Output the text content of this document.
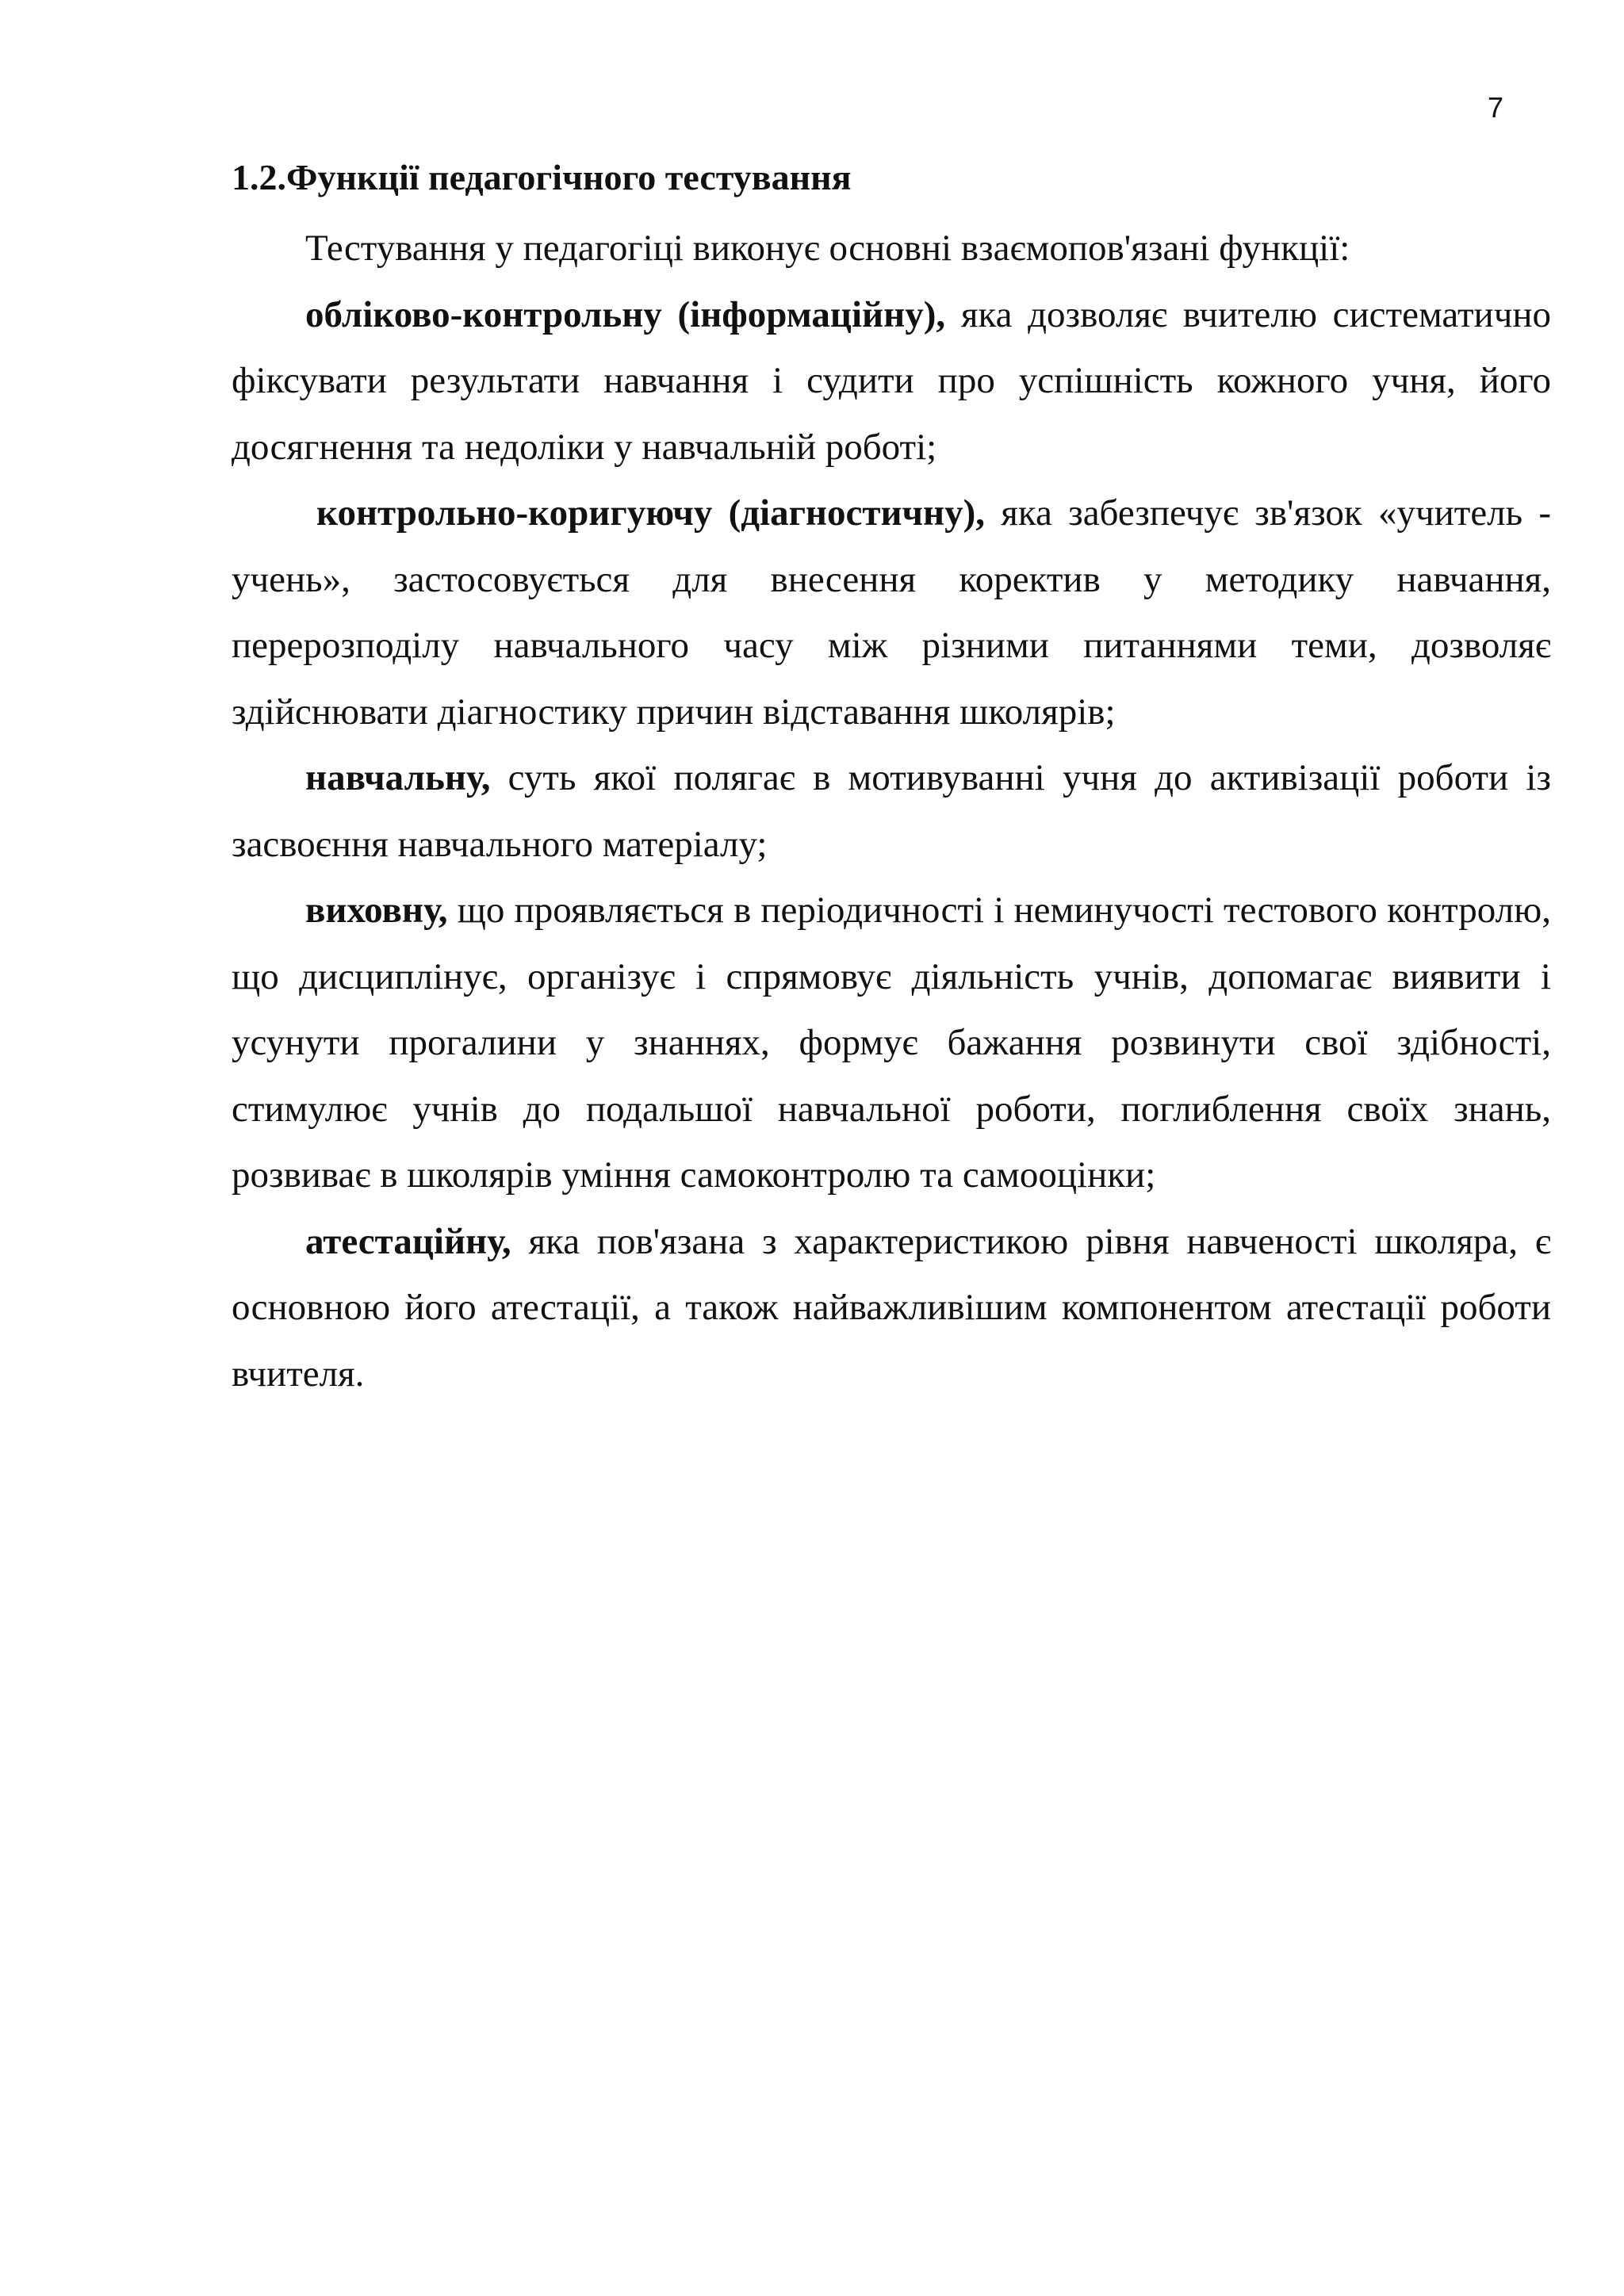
7
1.2.Функції педагогічного тестування

Тестування у педагогіці виконує основні взаємопов'язані функції:

обліково-контрольну (інформаційну), яка дозволяє вчителю систематично фіксувати результати навчання і судити про успішність кожного учня, його досягнення та недоліки у навчальній роботі;

контрольно-коригуючу (діагностичну), яка забезпечує зв'язок «учитель - учень», застосовується для внесення коректив у методику навчання, перерозподілу навчального часу між різними питаннями теми, дозволяє здійснювати діагностику причин відставання школярів;

навчальну, суть якої полягає в мотивуванні учня до активізації роботи із засвоєння навчального матеріалу;

виховну, що проявляється в періодичності і неминучості тестового контролю, що дисциплінує, організує і спрямовує діяльність учнів, допомагає виявити і усунути прогалини у знаннях, формує бажання розвинути свої здібності, стимулює учнів до подальшої навчальної роботи, поглиблення своїх знань, розвиває в школярів уміння самоконтролю та самооцінки;

атестаційну, яка пов'язана з характеристикою рівня навченості школяра, є основною його атестації, а також найважливішим компонентом атестації роботи вчителя.
